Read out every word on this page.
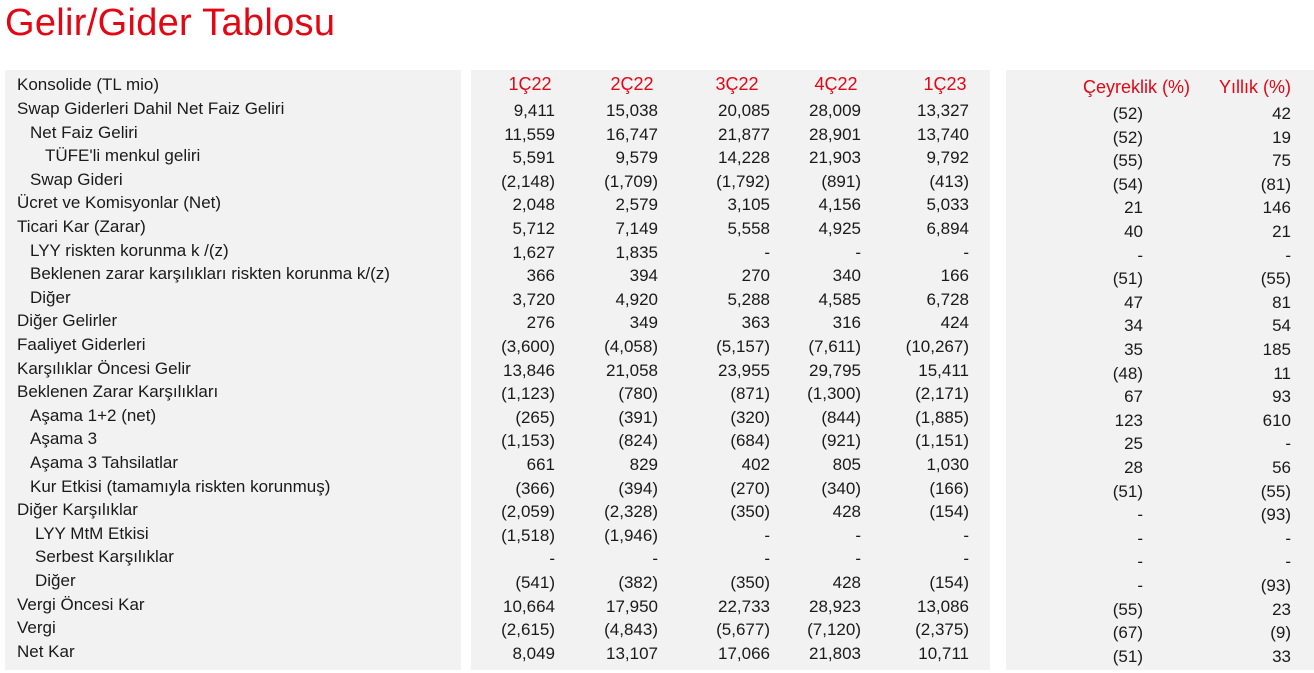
Gelir/Gider Tablosu
Konsolide (TL mio)	1Ç22	2Ç22	3Ç22	4Ç22	1Ç23	Çeyreklik (%)	Yıllık (%)
Swap Giderleri Dahil Net Faiz Geliri	9,411	15,038	20,085	28,009	13,327	(52)	42
Net Faiz Geliri	11,559	16,747	21,877	28,901	13,740	(52)	19
TÜFE'li menkul geliri	5,591	9,579	14,228	21,903	9,792	(55)	75
Swap Gideri	(2,148)	(1,709)	(1,792)	(891)	(413)	(54)	(81)
Ücret ve Komisyonlar (Net)	2,048	2,579	3,105	4,156	5,033	21	146
Ticari Kar (Zarar)	5,712	7,149	5,558	4,925	6,894	40	21
LYY riskten korunma k /(z)	1,627	1,835	-	-	-	-	-
Beklenen zarar karşılıkları riskten korunma k/(z)	366	394	270	340	166	(51)	(55)
Diğer	3,720	4,920	5,288	4,585	6,728	47	81
Diğer Gelirler	276	349	363	316	424	34	54
Faaliyet Giderleri	(3,600)	(4,058)	(5,157)	(7,611)	(10,267)	35	185
Karşılıklar Öncesi Gelir	13,846	21,058	23,955	29,795	15,411	(48)	11
Beklenen Zarar Karşılıkları	(1,123)	(780)	(871)	(1,300)	(2,171)	67	93
Aşama 1+2 (net)	(265)	(391)	(320)	(844)	(1,885)	123	610
Aşama 3	(1,153)	(824)	(684)	(921)	(1,151)	25	-
Aşama 3 Tahsilatlar	661	829	402	805	1,030	28	56
Kur Etkisi (tamamıyla riskten korunmuş)	(366)	(394)	(270)	(340)	(166)	(51)	(55)
Diğer Karşılıklar	(2,059)	(2,328)	(350)	428	(154)	-	(93)
LYY MtM Etkisi	(1,518)	(1,946)	-	-	-	-	-
Serbest Karşılıklar	-	-	-	-	-	-	-
Diğer	(541)	(382)	(350)	428	(154)	-	(93)
Vergi Öncesi Kar	10,664	17,950	22,733	28,923	13,086	(55)	23
Vergi	(2,615)	(4,843)	(5,677)	(7,120)	(2,375)	(67)	(9)
Net Kar	8,049	13,107	17,066	21,803	10,711	(51)	33
